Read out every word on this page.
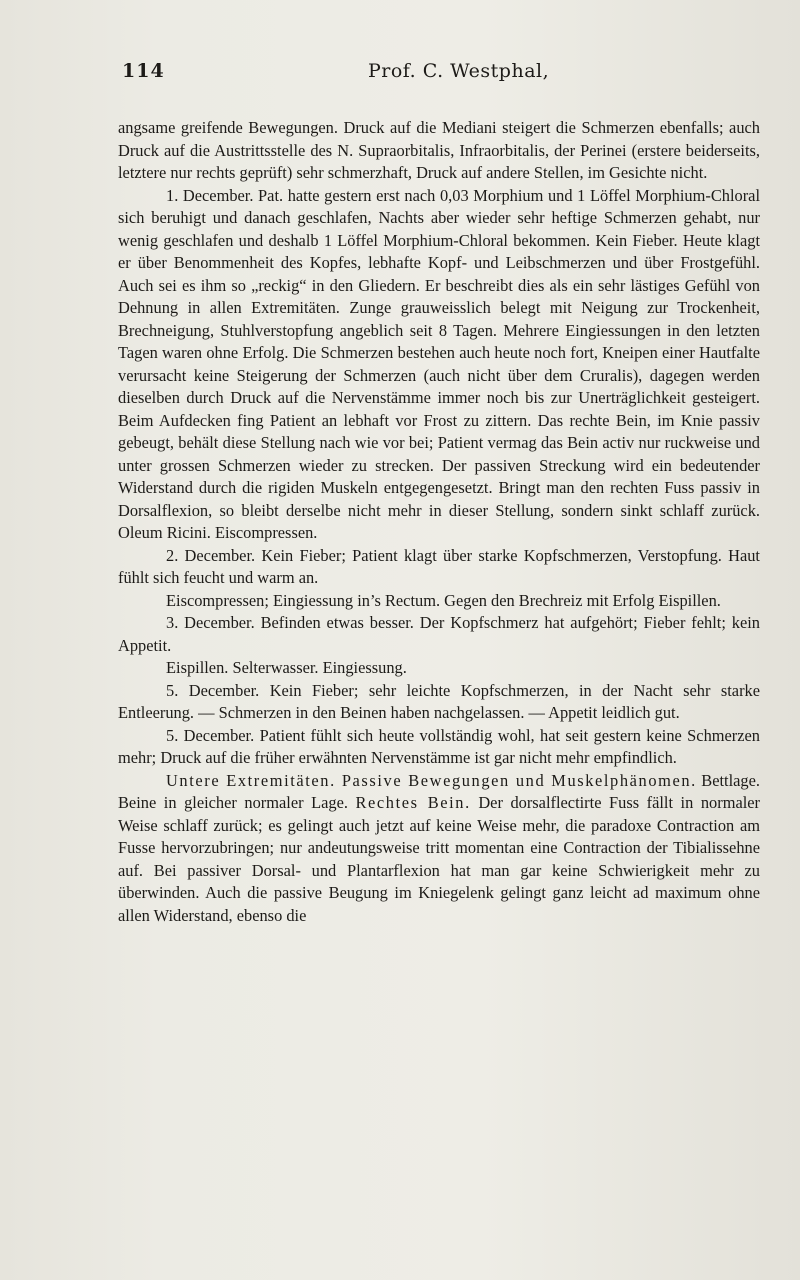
114	Prof. C. Westphal,

angsame greifende Bewegungen. Druck auf die Mediani steigert die Schmerzen ebenfalls; auch Druck auf die Austrittsstelle des N. Supraorbitalis, Infraorbitalis, der Perinei (erstere beiderseits, letztere nur rechts geprüft) sehr schmerzhaft, Druck auf andere Stellen, im Gesichte nicht.

1. December. Pat. hatte gestern erst nach 0,03 Morphium und 1 Löffel Morphium-Chloral sich beruhigt und danach geschlafen, Nachts aber wieder sehr heftige Schmerzen gehabt, nur wenig geschlafen und deshalb 1 Löffel Morphium-Chloral bekommen. Kein Fieber. Heute klagt er über Benommenheit des Kopfes, lebhafte Kopf- und Leibschmerzen und über Frostgefühl. Auch sei es ihm so „reckig“ in den Gliedern. Er beschreibt dies als ein sehr lästiges Gefühl von Dehnung in allen Extremitäten. Zunge grauweisslich belegt mit Neigung zur Trockenheit, Brechneigung, Stuhlverstopfung angeblich seit 8 Tagen. Mehrere Eingiessungen in den letzten Tagen waren ohne Erfolg. Die Schmerzen bestehen auch heute noch fort, Kneipen einer Hautfalte verursacht keine Steigerung der Schmerzen (auch nicht über dem Cruralis), dagegen werden dieselben durch Druck auf die Nervenstämme immer noch bis zur Unerträglichkeit gesteigert. Beim Aufdecken fing Patient an lebhaft vor Frost zu zittern. Das rechte Bein, im Knie passiv gebeugt, behält diese Stellung nach wie vor bei; Patient vermag das Bein activ nur ruckweise und unter grossen Schmerzen wieder zu strecken. Der passiven Streckung wird ein bedeutender Widerstand durch die rigiden Muskeln entgegengesetzt. Bringt man den rechten Fuss passiv in Dorsalflexion, so bleibt derselbe nicht mehr in dieser Stellung, sondern sinkt schlaff zurück. Oleum Ricini. Eiscompressen.

2. December. Kein Fieber; Patient klagt über starke Kopfschmerzen, Verstopfung. Haut fühlt sich feucht und warm an.

Eiscompressen; Eingiessung in’s Rectum. Gegen den Brechreiz mit Erfolg Eispillen.

3. December. Befinden etwas besser. Der Kopfschmerz hat aufgehört; Fieber fehlt; kein Appetit.

Eispillen. Selterwasser. Eingiessung.

5. December. Kein Fieber; sehr leichte Kopfschmerzen, in der Nacht sehr starke Entleerung. — Schmerzen in den Beinen haben nachgelassen. — Appetit leidlich gut.

5. December. Patient fühlt sich heute vollständig wohl, hat seit gestern keine Schmerzen mehr; Druck auf die früher erwähnten Nervenstämme ist gar nicht mehr empfindlich.

Untere Extremitäten. Passive Bewegungen und Muskelphänomen. Bettlage. Beine in gleicher normaler Lage. Rechtes Bein. Der dorsalflectirte Fuss fällt in normaler Weise schlaff zurück; es gelingt auch jetzt auf keine Weise mehr, die paradoxe Contraction am Fusse hervorzubringen; nur andeutungsweise tritt momentan eine Contraction der Tibialissehne auf. Bei passiver Dorsal- und Plantarflexion hat man gar keine Schwierigkeit mehr zu überwinden. Auch die passive Beugung im Kniegelenk gelingt ganz leicht ad maximum ohne allen Widerstand, ebenso die
